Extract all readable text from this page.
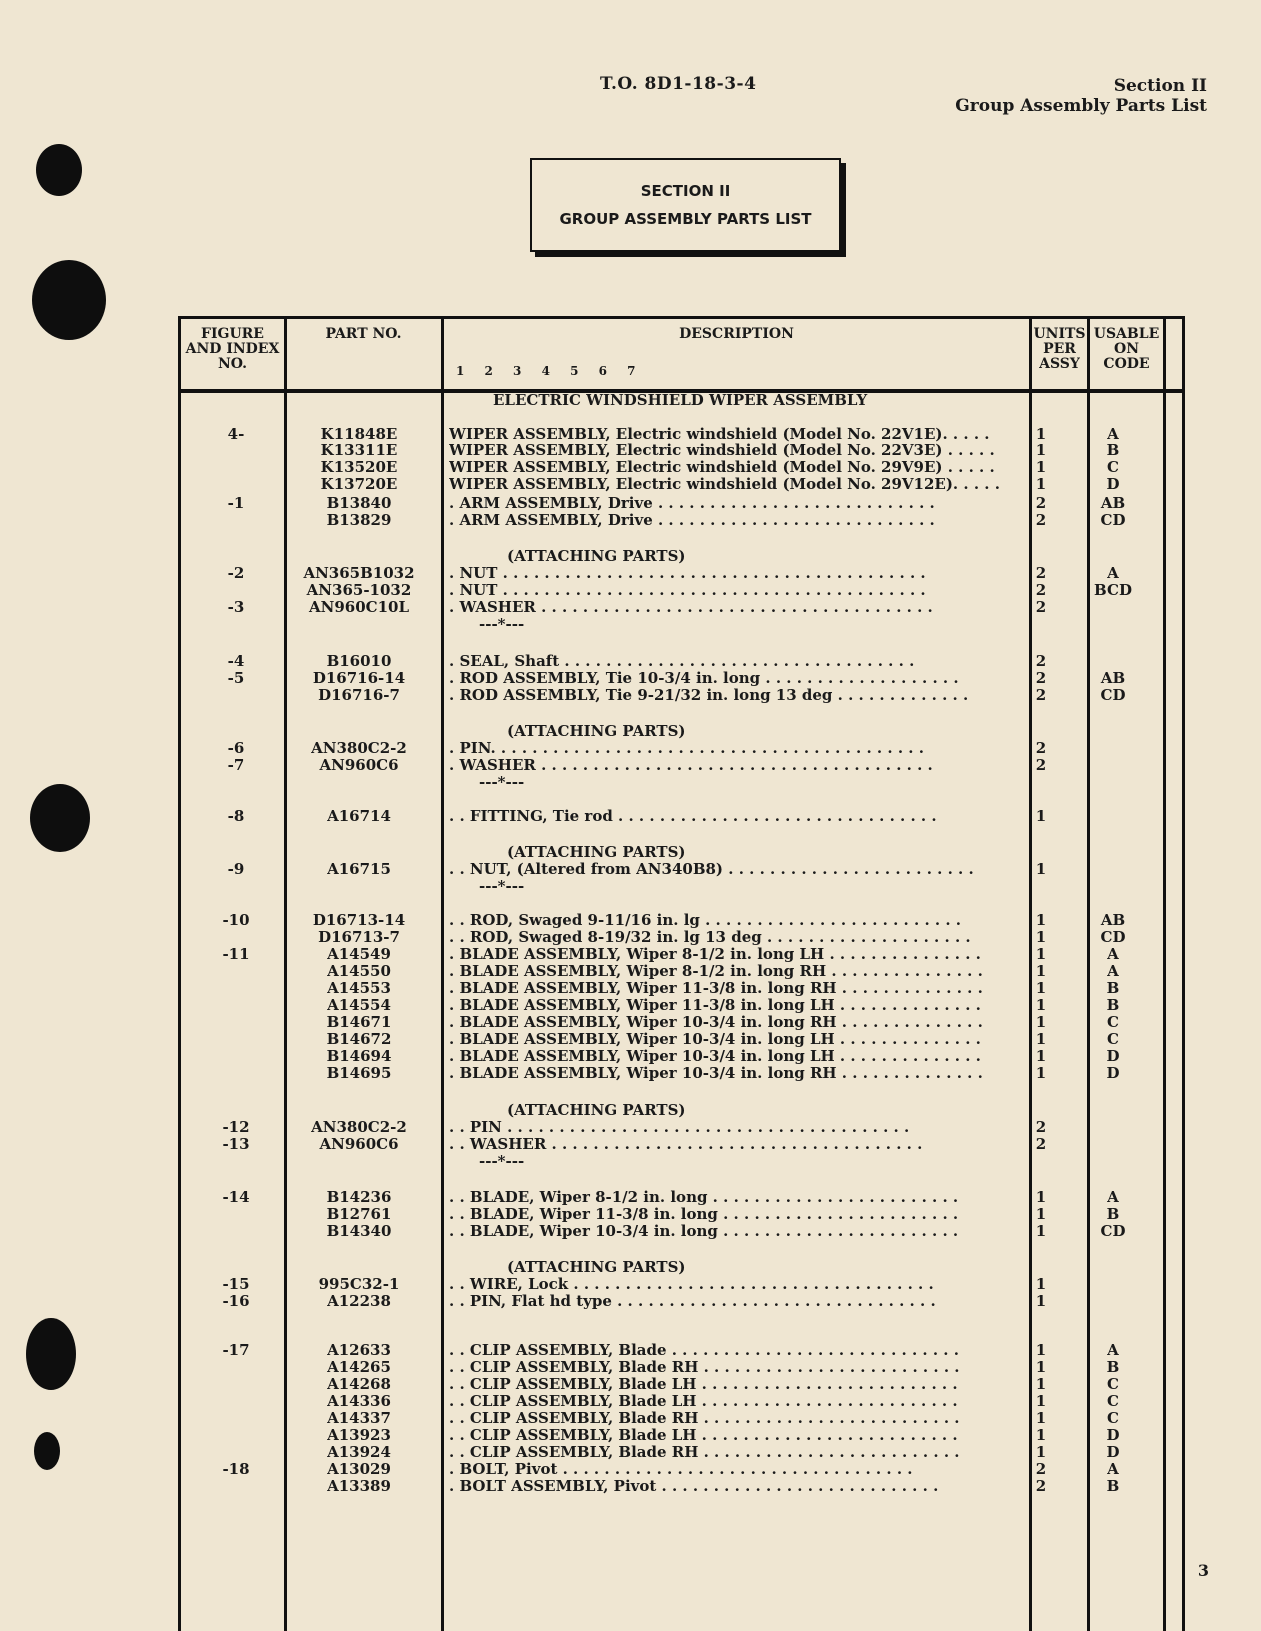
T.O. 8D1-18-3-4	Section II
Group Assembly Parts List
SECTION II
GROUP ASSEMBLY PARTS LIST
FIGURE AND INDEX NO.
PART NO.	DESCRIPTION
1 2 3 4 5 6 7
UNITS PER ASSY
USABLE ON CODE
ELECTRIC WINDSHIELD WIPER ASSEMBLY
4-	K11848E	WIPER ASSEMBLY, Electric windshield (Model No. 22V1E). . . . .	1	A
K13311E	WIPER ASSEMBLY, Electric windshield (Model No. 22V3E) . . . . .	1	B
K13520E	WIPER ASSEMBLY, Electric windshield (Model No. 29V9E) . . . . .	1	C
K13720E	WIPER ASSEMBLY, Electric windshield (Model No. 29V12E). . . . .	1	D
-1	B13840	. ARM ASSEMBLY, Drive . . . . . . . . . . . . . . . . . . . . . . . . . . .	2	AB
B13829	. ARM ASSEMBLY, Drive . . . . . . . . . . . . . . . . . . . . . . . . . . .	2	CD
(ATTACHING PARTS)
-2	AN365B1032	. NUT . . . . . . . . . . . . . . . . . . . . . . . . . . . . . . . . . . . . . . . . .	2	A
AN365-1032	. NUT . . . . . . . . . . . . . . . . . . . . . . . . . . . . . . . . . . . . . . . . .	2	BCD
-3	AN960C10L	. WASHER . . . . . . . . . . . . . . . . . . . . . . . . . . . . . . . . . . . . . .	2
---*---
-4	B16010	. SEAL, Shaft . . . . . . . . . . . . . . . . . . . . . . . . . . . . . . . . . .	2
-5	D16716-14	. ROD ASSEMBLY, Tie 10-3/4 in. long . . . . . . . . . . . . . . . . . . .	2	AB
D16716-7	. ROD ASSEMBLY, Tie 9-21/32 in. long 13 deg . . . . . . . . . . . . .	2	CD
(ATTACHING PARTS)
-6	AN380C2-2	. PIN. . . . . . . . . . . . . . . . . . . . . . . . . . . . . . . . . . . . . . . . . .	2
-7	AN960C6	. WASHER . . . . . . . . . . . . . . . . . . . . . . . . . . . . . . . . . . . . . .	2
---*---
-8	A16714	. . FITTING, Tie rod . . . . . . . . . . . . . . . . . . . . . . . . . . . . . . .	1
(ATTACHING PARTS)
-9	A16715	. . NUT, (Altered from AN340B8) . . . . . . . . . . . . . . . . . . . . . . . .	1
---*---
-10	D16713-14	. . ROD, Swaged 9-11/16 in. lg . . . . . . . . . . . . . . . . . . . . . . . . .	1	AB
D16713-7	. . ROD, Swaged 8-19/32 in. lg 13 deg . . . . . . . . . . . . . . . . . . . .	1	CD
-11	A14549	. BLADE ASSEMBLY, Wiper 8-1/2 in. long LH . . . . . . . . . . . . . . .	1	A
A14550	. BLADE ASSEMBLY, Wiper 8-1/2 in. long RH . . . . . . . . . . . . . . .	1	A
A14553	. BLADE ASSEMBLY, Wiper 11-3/8 in. long RH . . . . . . . . . . . . . .	1	B
A14554	. BLADE ASSEMBLY, Wiper 11-3/8 in. long LH . . . . . . . . . . . . . .	1	B
B14671	. BLADE ASSEMBLY, Wiper 10-3/4 in. long RH . . . . . . . . . . . . . .	1	C
B14672	. BLADE ASSEMBLY, Wiper 10-3/4 in. long LH . . . . . . . . . . . . . .	1	C
B14694	. BLADE ASSEMBLY, Wiper 10-3/4 in. long LH . . . . . . . . . . . . . .	1	D
B14695	. BLADE ASSEMBLY, Wiper 10-3/4 in. long RH . . . . . . . . . . . . . .	1	D
(ATTACHING PARTS)
-12	AN380C2-2	. . PIN . . . . . . . . . . . . . . . . . . . . . . . . . . . . . . . . . . . . . . .	2
-13	AN960C6	. . WASHER . . . . . . . . . . . . . . . . . . . . . . . . . . . . . . . . . . . .	2
---*---
-14	B14236	. . BLADE, Wiper 8-1/2 in. long . . . . . . . . . . . . . . . . . . . . . . . .	1	A
B12761	. . BLADE, Wiper 11-3/8 in. long . . . . . . . . . . . . . . . . . . . . . . .	1	B
B14340	. . BLADE, Wiper 10-3/4 in. long . . . . . . . . . . . . . . . . . . . . . . .	1	CD
(ATTACHING PARTS)
-15	995C32-1	. . WIRE, Lock . . . . . . . . . . . . . . . . . . . . . . . . . . . . . . . . . . .	1
-16	A12238	. . PIN, Flat hd type . . . . . . . . . . . . . . . . . . . . . . . . . . . . . . .	1
-17	A12633	. . CLIP ASSEMBLY, Blade . . . . . . . . . . . . . . . . . . . . . . . . . . . .	1	A
A14265	. . CLIP ASSEMBLY, Blade RH . . . . . . . . . . . . . . . . . . . . . . . . .	1	B
A14268	. . CLIP ASSEMBLY, Blade LH . . . . . . . . . . . . . . . . . . . . . . . . .	1	C
A14336	. . CLIP ASSEMBLY, Blade LH . . . . . . . . . . . . . . . . . . . . . . . . .	1	C
A14337	. . CLIP ASSEMBLY, Blade RH . . . . . . . . . . . . . . . . . . . . . . . . .	1	C
A13923	. . CLIP ASSEMBLY, Blade LH . . . . . . . . . . . . . . . . . . . . . . . . .	1	D
A13924	. . CLIP ASSEMBLY, Blade RH . . . . . . . . . . . . . . . . . . . . . . . . .	1	D
-18	A13029	. BOLT, Pivot . . . . . . . . . . . . . . . . . . . . . . . . . . . . . . . . . .	2	A
A13389	. BOLT ASSEMBLY, Pivot . . . . . . . . . . . . . . . . . . . . . . . . . . .	2	B
3
